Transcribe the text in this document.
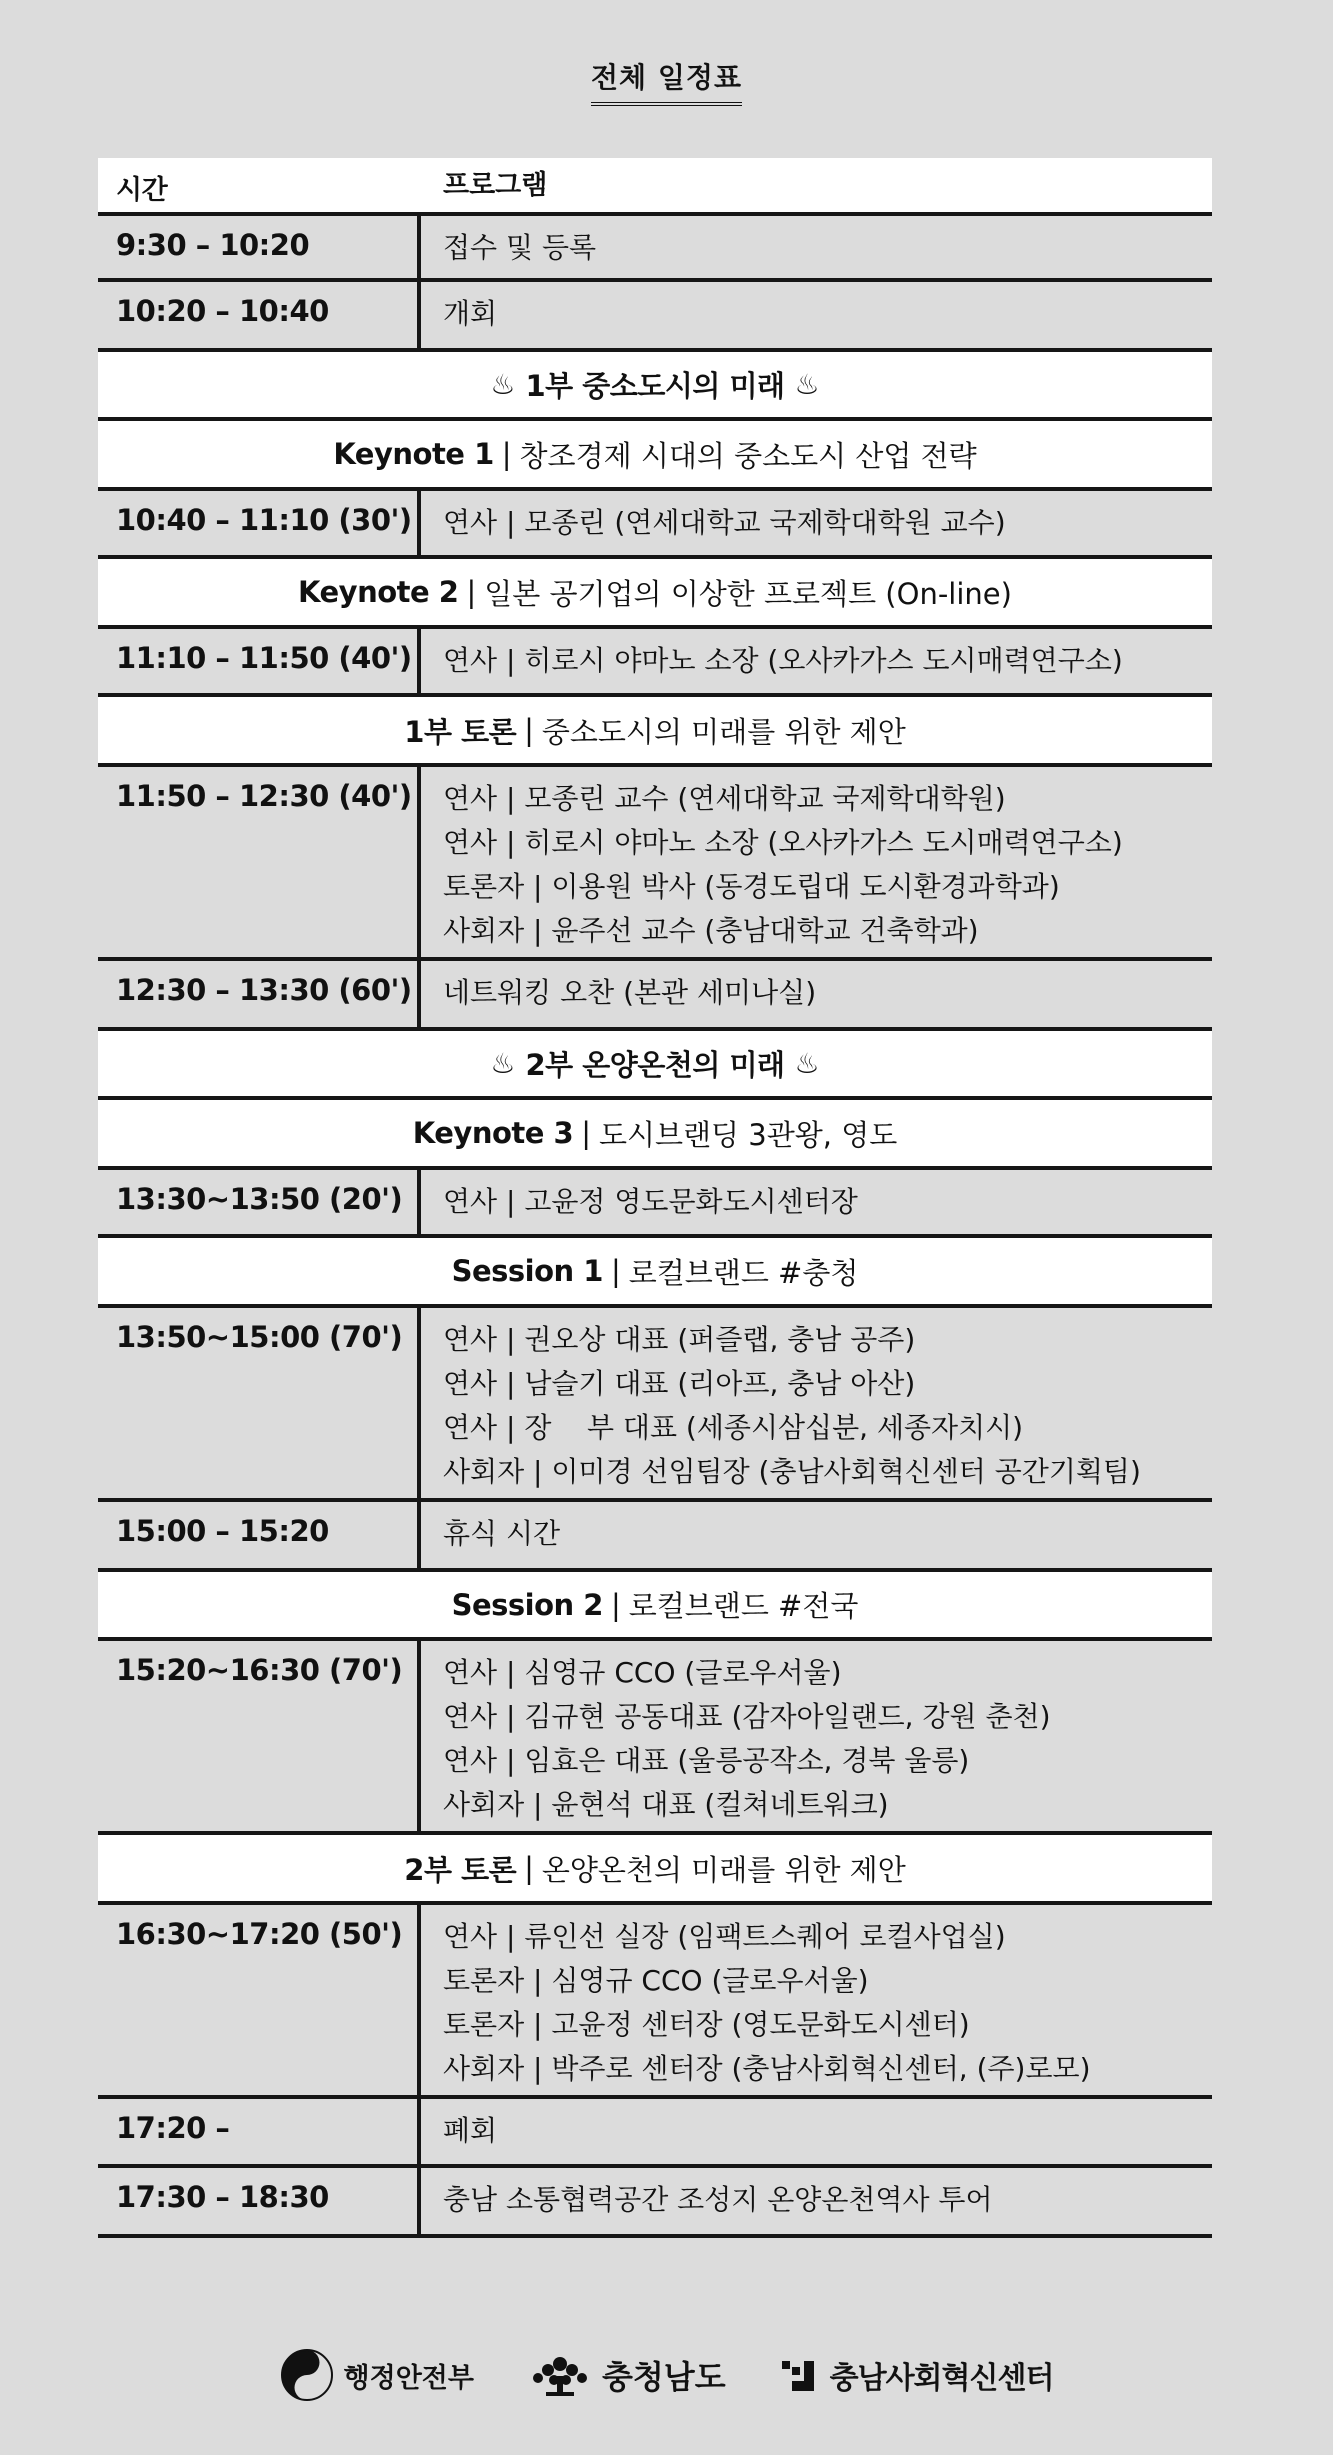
전체 일정표
시간	프로그램
9:30 – 10:20	접수 및 등록
10:20 – 10:40	개회
♨ 1부 중소도시의 미래 ♨
Keynote 1 | 창조경제 시대의 중소도시 산업 전략
10:40 – 11:10 (30')	연사 | 모종린 (연세대학교 국제학대학원 교수)
Keynote 2 | 일본 공기업의 이상한 프로젝트 (On-line)
11:10 – 11:50 (40')	연사 | 히로시 야마노 소장 (오사카가스 도시매력연구소)
1부 토론 | 중소도시의 미래를 위한 제안
11:50 – 12:30 (40')	연사 | 모종린 교수 (연세대학교 국제학대학원)
연사 | 히로시 야마노 소장 (오사카가스 도시매력연구소)
토론자 | 이용원 박사 (동경도립대 도시환경과학과)
사회자 | 윤주선 교수 (충남대학교 건축학과)
12:30 – 13:30 (60')	네트워킹 오찬 (본관 세미나실)
♨ 2부 온양온천의 미래 ♨
Keynote 3 | 도시브랜딩 3관왕, 영도
13:30~13:50 (20')	연사 | 고윤정 영도문화도시센터장
Session 1 | 로컬브랜드 #충청
13:50~15:00 (70')	연사 | 권오상 대표 (퍼즐랩, 충남 공주)
연사 | 남슬기 대표 (리아프, 충남 아산)
연사 | 장    부 대표 (세종시삼십분, 세종자치시)
사회자 | 이미경 선임팀장 (충남사회혁신센터 공간기획팀)
15:00 – 15:20	휴식 시간
Session 2 | 로컬브랜드 #전국
15:20~16:30 (70')	연사 | 심영규 CCO (글로우서울)
연사 | 김규현 공동대표 (감자아일랜드, 강원 춘천)
연사 | 임효은 대표 (울릉공작소, 경북 울릉)
사회자 | 윤현석 대표 (컬쳐네트워크)
2부 토론 | 온양온천의 미래를 위한 제안
16:30~17:20 (50')	연사 | 류인선 실장 (임팩트스퀘어 로컬사업실)
토론자 | 심영규 CCO (글로우서울)
토론자 | 고윤정 센터장 (영도문화도시센터)
사회자 | 박주로 센터장 (충남사회혁신센터, (주)로모)
17:20 –	폐회
17:30 – 18:30	충남 소통협력공간 조성지 온양온천역사 투어
행정안전부	충청남도	충남사회혁신센터
